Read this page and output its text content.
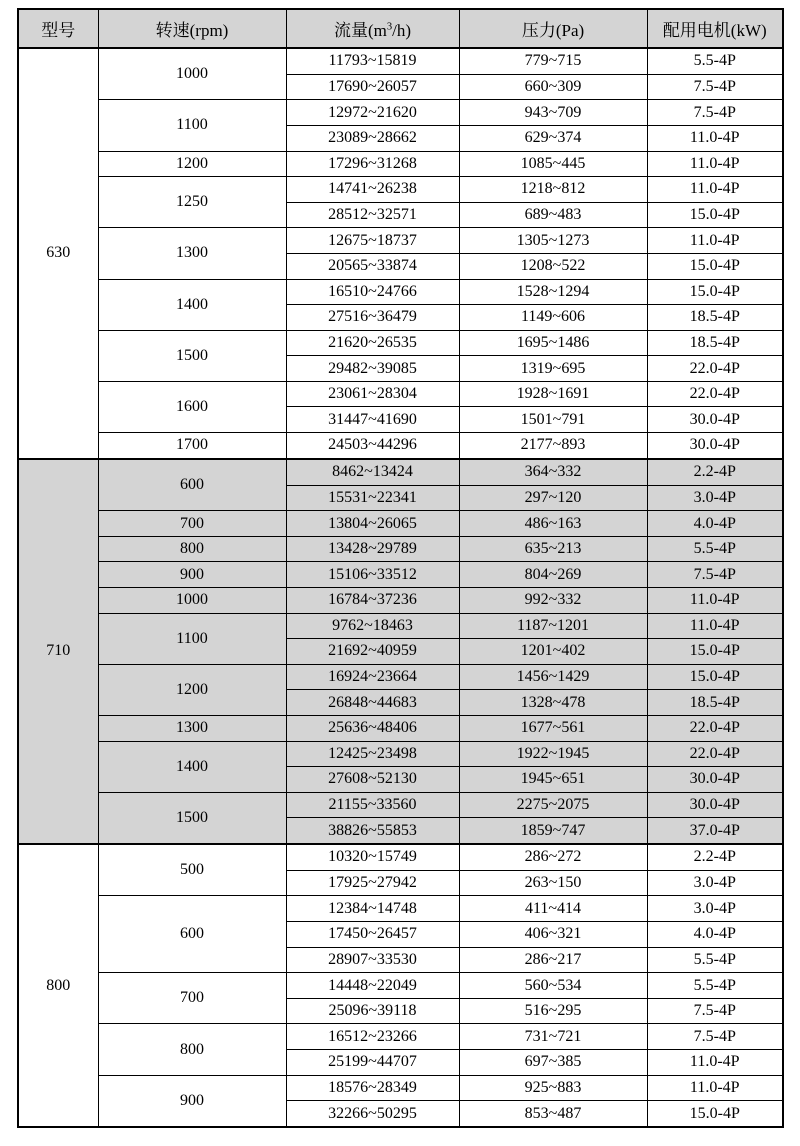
型号	转速(rpm)	流量$(m^3/h)$	压力(Pa)	配用电机(kW)
630	1000	11793~15819	779~715	5.5-4P
		17690~26057	660~309	7.5-4P
	1100	12972~21620	943~709	7.5-4P
		23089~28662	629~374	11.0-4P
	1200	17296~31268	1085~445	11.0-4P
	1250	14741~26238	1218~812	11.0-4P
		28512~32571	689~483	15.0-4P
	1300	12675~18737	1305~1273	11.0-4P
		20565~33874	1208~522	15.0-4P
	1400	16510~24766	1528~1294	15.0-4P
		27516~36479	1149~606	18.5-4P
	1500	21620~26535	1695~1486	18.5-4P
		29482~39085	1319~695	22.0-4P
	1600	23061~28304	1928~1691	22.0-4P
		31447~41690	1501~791	30.0-4P
	1700	24503~44296	2177~893	30.0-4P
710	600	8462~13424	364~332	2.2-4P
		15531~22341	297~120	3.0-4P
	700	13804~26065	486~163	4.0-4P
	800	13428~29789	635~213	5.5-4P
	900	15106~33512	804~269	7.5-4P
	1000	16784~37236	992~332	11.0-4P
	1100	9762~18463	1187~1201	11.0-4P
		21692~40959	1201~402	15.0-4P
	1200	16924~23664	1456~1429	15.0-4P
		26848~44683	1328~478	18.5-4P
	1300	25636~48406	1677~561	22.0-4P
	1400	12425~23498	1922~1945	22.0-4P
		27608~52130	1945~651	30.0-4P
	1500	21155~33560	2275~2075	30.0-4P
		38826~55853	1859~747	37.0-4P
800	500	10320~15749	286~272	2.2-4P
		17925~27942	263~150	3.0-4P
	600	12384~14748	411~414	3.0-4P
		17450~26457	406~321	4.0-4P
		28907~33530	286~217	5.5-4P
	700	14448~22049	560~534	5.5-4P
		25096~39118	516~295	7.5-4P
	800	16512~23266	731~721	7.5-4P
		25199~44707	697~385	11.0-4P
	900	18576~28349	925~883	11.0-4P
		32266~50295	853~487	15.0-4P
